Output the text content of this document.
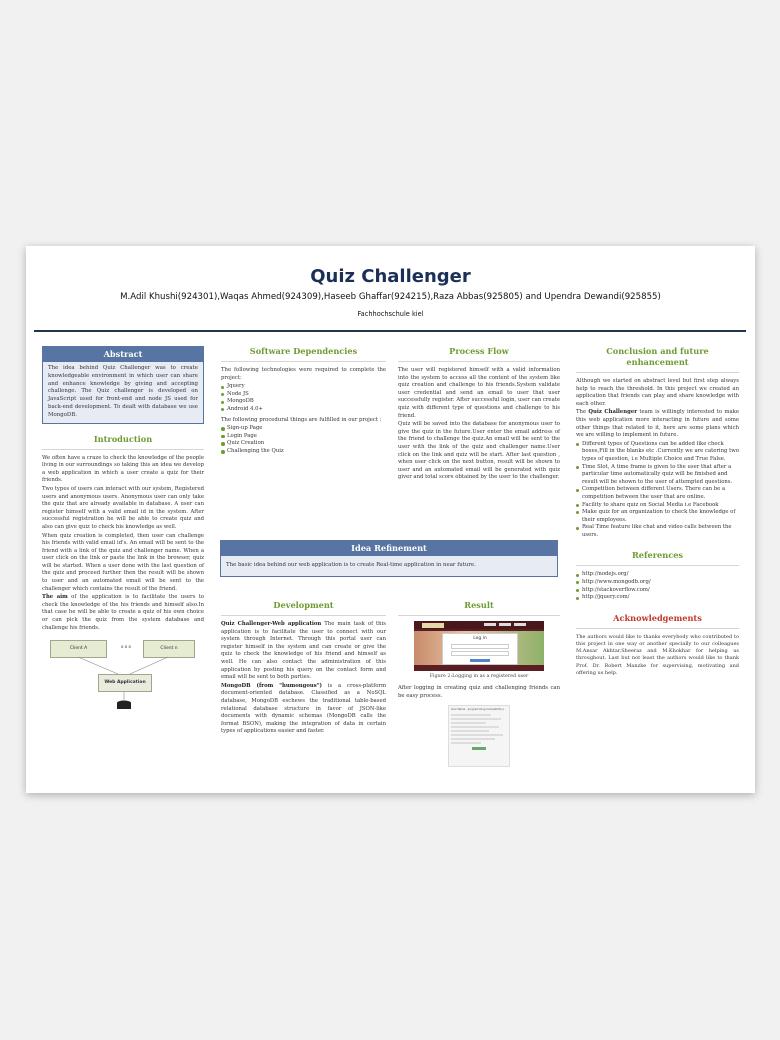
Quiz Challenger
M.Adil Khushi(924301),Waqas Ahmed(924309),Haseeb Ghaffar(924215),Raza Abbas(925805) and Upendra Dewandi(925855)
Fachhochschule kiel
Abstract
The idea behind Quiz Challenger was to create knowledgeable environment in which user can share and enhance knowledge by giving and accepting challenge. The Quiz challenger is developed on JavaScript used for front-end and node JS used for back-end development. To dealt with database we use MongoDB.
Introduction

We often have a craze to check the knowledge of the people living in our surroundings so taking this an idea we develop a web application in which a user create a quiz for their friends.

Two types of users can interact with our system, Registered users and anonymous users. Anonymous user can only take the quiz that are already available in database. A user can register himself with a valid email id in the system. After successful registration he will be able to create quiz and also can give quiz to check his knowledge as well.

When quiz creation is completed, then user can challenge his friends with valid email id's. An email will be sent to the friend with a link of the quiz and challenger name. When a user click on the link or paste the link in the browser, quiz will be started. When a user done with the last question of the quiz and proceed further then the result will be shown to user and an automated email will be sent to the challenger which contains the result of the friend.

The aim of the application is to facilitate the users to check the knowledge of the his friends and himself also.In that case he will be able to create a quiz of his own choice or can pick the quiz from the system database and challenge his friends.

Client A	o o o	Client n
Web Application
Software Dependencies
The following technologies were required to complete the project:
Jquery
Node JS
MongoDB
Android 4.0+
The following procedural things are fulfilled in our project :
Sign-up Page
Login Page
Quiz Creation
Challenging the Quiz
Process Flow

The user will registered himself with a valid information into the system to access all the content of the system like quiz creation and challenge to his friends.System validate user credential and send an email to user that user successfully register. After successful login, user can create quiz with different type of questions and challenge to his friend.

Quiz will be saved into the database for anonymous user to give the quiz in the future.User enter the email address of the friend to challenge the quiz.An email will be sent to the user with the link of the quiz and challenger name.User click on the link and quiz will be start. After last question , when user click on the next button, result will be shown to user and an automated email will be generated with quiz giver and total score obtained by the user to the challenger.

Idea Refinement
The basic idea behind our web application is to create Real-time application in near future.
Development

Quiz Challenger-Web application The main task of this application is to facilitate the user to connect with our system through Internet. Through this portal user can register himself in the system and can create or give the quiz to check the knowledge of his friend and himself as well. He can also contact the administration of this application by posting his query on the contact form and email will be sent to both parties.

MongoDB (from "humongous") is a cross-platform document-oriented database. Classified as a NoSQL database, MongoDB eschews the traditional table-based relational database structure in favor of JSON-like documents with dynamic schemas (MongoDB calls the format BSON), making the integration of data in certain types of applications easier and faster.

Result
Log in
Figure 2:Logging in as a registered user
After logging in creating quiz and challenging friends can be easy process.
Quiz Name : programming CompetQ3(n)
Conclusion and future enhancement

Although we started on abstract level but first step always help to reach the threshold. In this project we created an application that friends can play and share knowledge with each other.

The Quiz Challenger team is willingly interested to make this web application more interacting in future and some other things that related to it, here are some plans which we are willing to implement in future.

Different types of Questions can be added like check boxes,Fill in the blanks etc .Currently we are catering two types of question, i.e Multiple Choice and True False.
Time Slot, A time frame is given to the user that after a particular time automatically quiz will be finished and result will be shown to the user of attempted questions.
Competition between different Users. There can be a competition between the user that are online.
Facility to share quiz on Social Media i.e Facebook
Make quiz for an organization to check the knowledge of their employees.
Real Time feature like chat and video calls between the users.
References
http://nodejs.org/
http://www.mongodb.org/
http://stackoverflow.com/
http://jquery.com/
Acknowledgements
The authors would like to thanks everybody who contributed to this project in one way or another specially to our colleagues M.Ansar Akhtar,Sheeraz and M.Khokhar for helping us throughout. Last but not least the authors would like to thank Prof. Dr. Robert Manzke for supervising, motivating and offering us help.
